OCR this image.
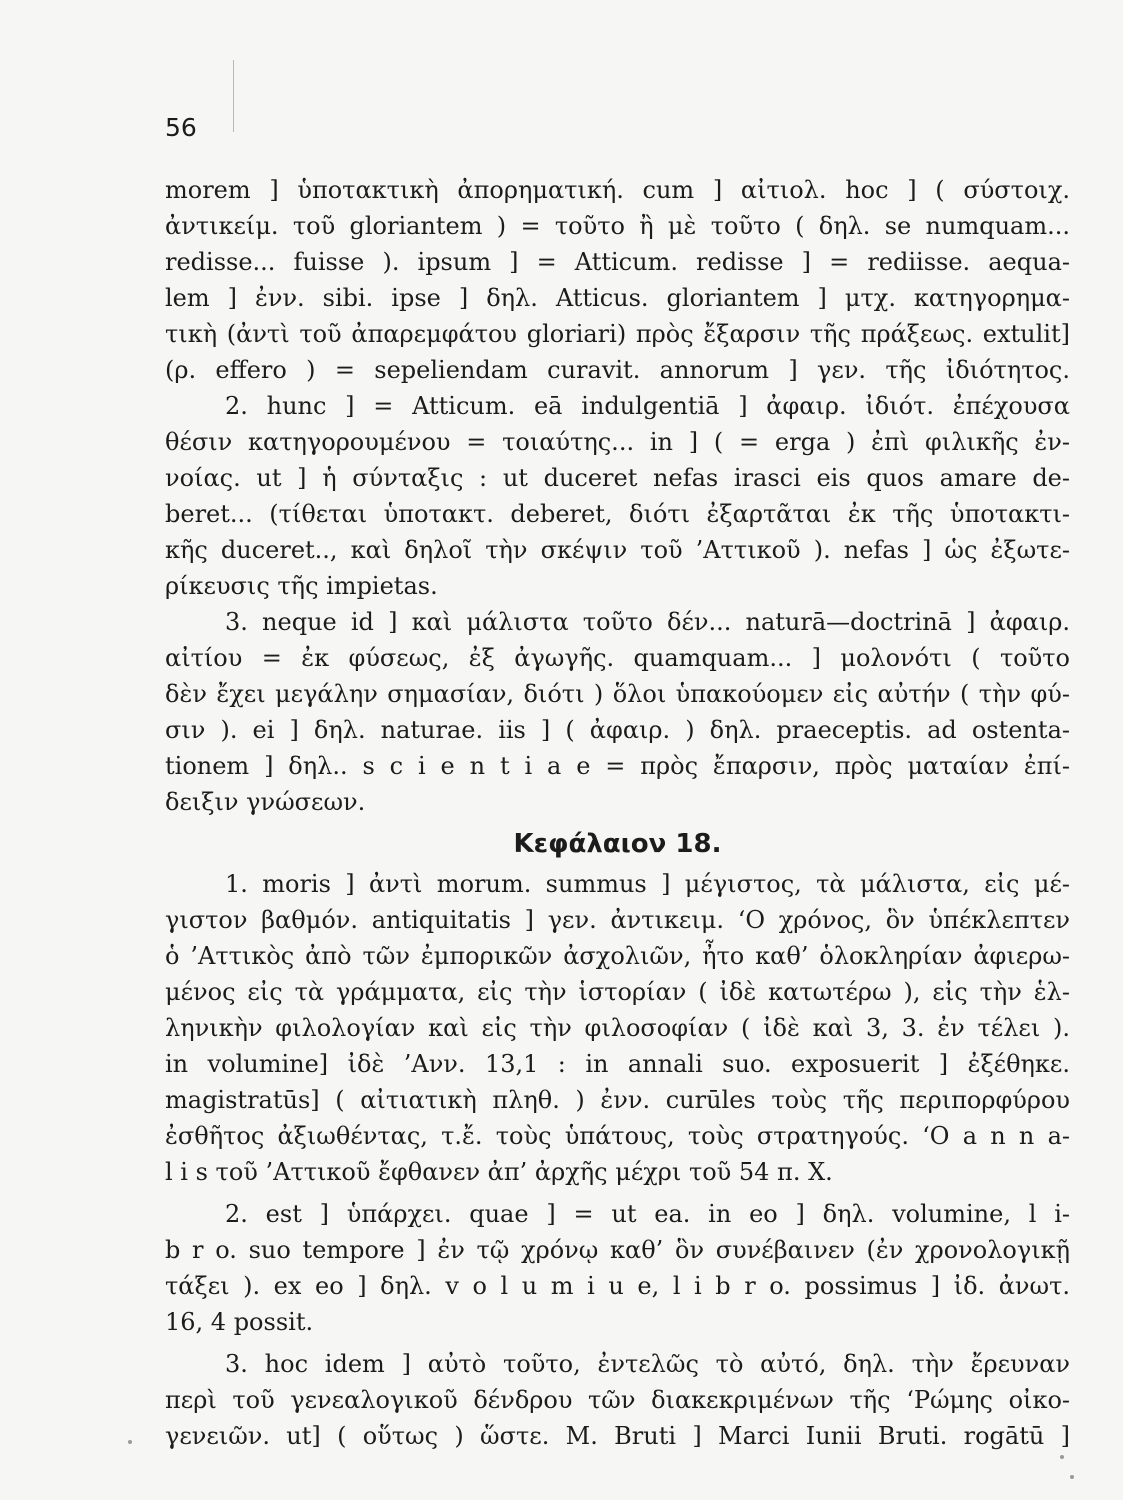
56
morem ] ὑποτακτικὴ ἀπορηματική. cum ] αἰτιολ. hoc ] ( σύστοιχ.
ἀντικείμ. τοῦ gloriantem ) = τοῦτο ἢ μὲ τοῦτο ( δηλ. se numquam...
redisse... fuisse ). ipsum ] = Atticum. redisse ] = rediisse. aequa-
lem ] ἐνν. sibi. ipse ] δηλ. Atticus. gloriantem ] μτχ. κατηγορημα-
τικὴ (ἀντὶ τοῦ ἀπαρεμφάτου gloriari) πρὸς ἔξαρσιν τῆς πράξεως. extulit]
(ρ. effero ) = sepeliendam curavit. annorum ] γεν. τῆς ἰδιότητος.
2. hunc ] = Atticum. eā indulgentiā ] ἀφαιρ. ἰδιότ. ἐπέχουσα
θέσιν κατηγορουμένου = τοιαύτης... in ] ( = erga ) ἐπὶ φιλικῆς ἐν-
νοίας. ut ] ἡ σύνταξις : ut duceret nefas irasci eis quos amare de-
beret... (τίθεται ὑποτακτ. deberet, διότι ἐξαρτᾶται ἐκ τῆς ὑποτακτι-
κῆς duceret.., καὶ δηλοῖ τὴν σκέψιν τοῦ ’Αττικοῦ ). nefas ] ὡς ἐξωτε-
ρίκευσις τῆς impietas.
3. neque id ] καὶ μάλιστα τοῦτο δέν... naturā—doctrinā ] ἀφαιρ.
αἰτίου = ἐκ φύσεως, ἐξ ἀγωγῆς. quamquam... ] μολονότι ( τοῦτο
δὲν ἔχει μεγάλην σημασίαν, διότι ) ὅλοι ὑπακούομεν εἰς αὐτήν ( τὴν φύ-
σιν ). ei ] δηλ. naturae. iis ] ( ἀφαιρ. ) δηλ. praeceptis. ad ostenta-
tionem ] δηλ.. s c i e n t i a e = πρὸς ἔπαρσιν, πρὸς ματαίαν ἐπί-
δειξιν γνώσεων.
Κεφάλαιον 18.
1. moris ] ἀντὶ morum. summus ] μέγιστος, τὰ μάλιστα, εἰς μέ-
γιστον βαθμόν. antiquitatis ] γεν. ἀντικειμ. ‘Ο χρόνος, ὃν ὑπέκλεπτεν
ὁ ’Αττικὸς ἀπὸ τῶν ἐμπορικῶν ἀσχολιῶν, ἦτο καθ’ ὁλοκληρίαν ἀφιερω-
μένος εἰς τὰ γράμματα, εἰς τὴν ἱστορίαν ( ἰδὲ κατωτέρω ), εἰς τὴν ἑλ-
ληνικὴν φιλολογίαν καὶ εἰς τὴν φιλοσοφίαν ( ἰδὲ καὶ 3, 3. ἐν τέλει ).
in volumine] ἰδὲ ’Ανν. 13,1 : in annali suo. exposuerit ] ἐξέθηκε.
magistratūs] ( αἰτιατικὴ πληθ. ) ἐνν. curūles τοὺς τῆς περιπορφύρου
ἐσθῆτος ἀξιωθέντας, τ.ἔ. τοὺς ὑπάτους, τοὺς στρατηγούς. ‘Ο a n n a-
l i s τοῦ ’Αττικοῦ ἔφθανεν ἀπ’ ἀρχῆς μέχρι τοῦ 54 π. Χ.
2. est ] ὑπάρχει. quae ] = ut ea. in eo ] δηλ. volumine, l i-
b r o. suo tempore ] ἐν τῷ χρόνῳ καθ’ ὃν συνέβαινεν (ἐν χρονολογικῇ
τάξει ). ex eo ] δηλ. v o l u m i u e, l i b r o. possimus ] ἰδ. ἀνωτ.
16, 4 possit.
3. hoc idem ] αὐτὸ τοῦτο, ἐντελῶς τὸ αὐτό, δηλ. τὴν ἔρευναν
περὶ τοῦ γενεαλογικοῦ δένδρου τῶν διακεκριμένων τῆς ‘Ρώμης οἰκο-
γενειῶν. ut] ( οὕτως ) ὥστε. M. Bruti ] Marci Iunii Bruti. rogātū ]
